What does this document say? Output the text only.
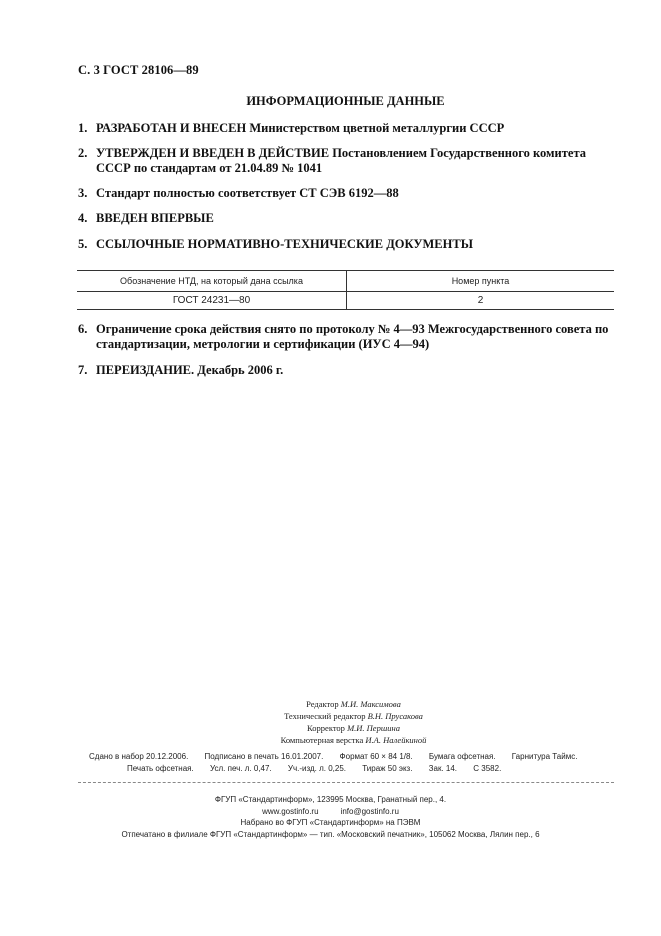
С. 3 ГОСТ 28106—89
ИНФОРМАЦИОННЫЕ ДАННЫЕ
1. РАЗРАБОТАН И ВНЕСЕН Министерством цветной металлургии СССР
2. УТВЕРЖДЕН И ВВЕДЕН В ДЕЙСТВИЕ Постановлением Государственного комитета СССР по стандартам от 21.04.89 № 1041
3. Стандарт полностью соответствует СТ СЭВ 6192—88
4. ВВЕДЕН ВПЕРВЫЕ
5. ССЫЛОЧНЫЕ НОРМАТИВНО-ТЕХНИЧЕСКИЕ ДОКУМЕНТЫ
Обозначение НТД, на который дана ссылка	Номер пункта
ГОСТ 24231—80	2
6. Ограничение срока действия снято по протоколу № 4—93 Межгосударственного совета по стандартизации, метрологии и сертификации (ИУС 4—94)
7. ПЕРЕИЗДАНИЕ. Декабрь 2006 г.
Редактор М.И. Максимова
Технический редактор В.Н. Прусакова
Корректор М.И. Першина
Компьютерная верстка И.А. Налейкиной
Сдано в набор 20.12.2006. Подписано в печать 16.01.2007. Формат 60 × 84 1/8. Бумага офсетная. Гарнитура Таймс.
Печать офсетная. Усл. печ. л. 0,47. Уч.-изд. л. 0,25. Тираж 50 экз. Зак. 14. С 3582.
ФГУП «Стандартинформ», 123995 Москва, Гранатный пер., 4.
www.gostinfo.ru	info@gostinfo.ru
Набрано во ФГУП «Стандартинформ» на ПЭВМ
Отпечатано в филиале ФГУП «Стандартинформ» — тип. «Московский печатник», 105062 Москва, Лялин пер., 6
